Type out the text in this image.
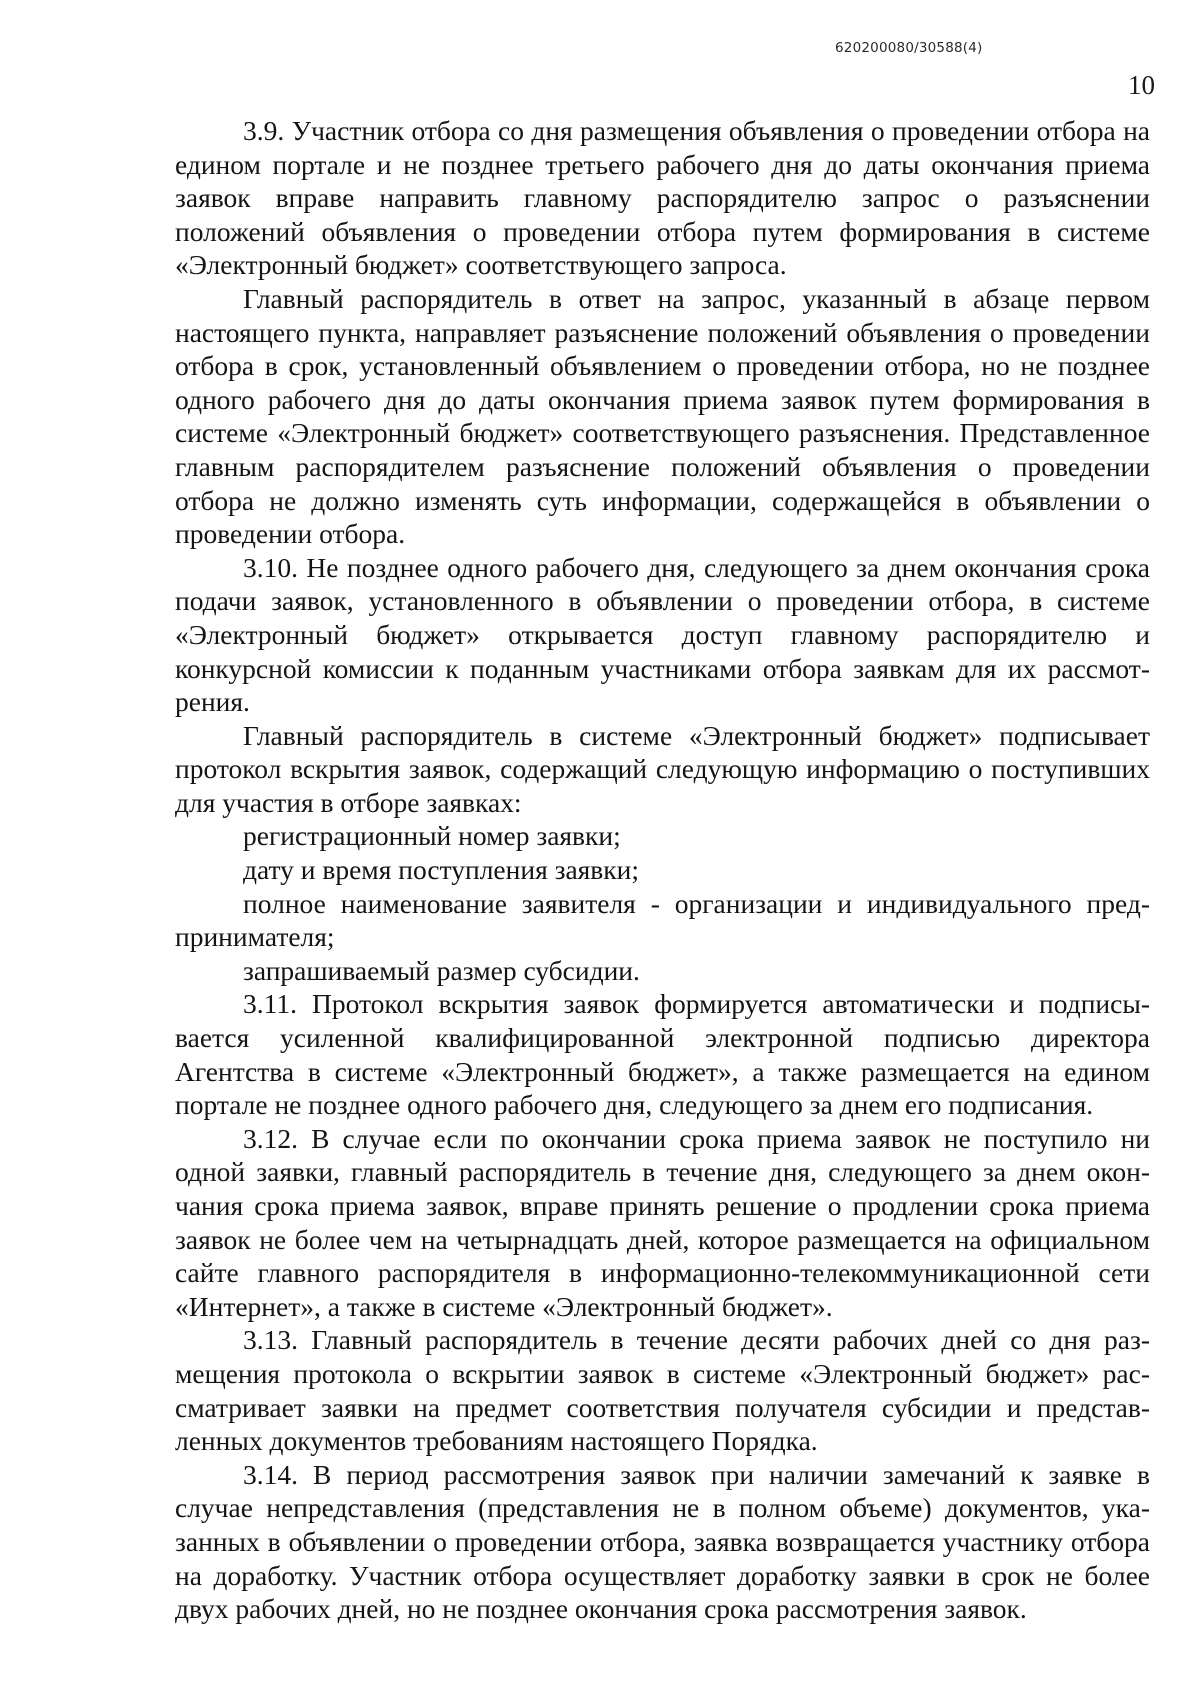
620200080/30588(4)
10

3.9. Участник отбора со дня размещения объявления о проведении отбора на едином портале и не позднее третьего рабочего дня до даты окончания приема заявок вправе направить главному распорядителю запрос о разъяснении положений объявления о проведении отбора путем формирования в системе «Электронный бюджет» соответствующего запроса.

Главный распорядитель в ответ на запрос, указанный в абзаце первом настоящего пункта, направляет разъяснение положений объявления о проведении отбора в срок, установленный объявлением о проведении отбора, но не позднее одного рабочего дня до даты окончания приема заявок путем формирования в системе «Электронный бюджет» соответствующего разъяснения. Представленное главным распорядителем разъяснение положений объявления о проведении отбора не должно изменять суть информации, содержащейся в объявлении о проведении отбора.

3.10. Не позднее одного рабочего дня, следующего за днем окончания срока подачи заявок, установленного в объявлении о проведении отбора, в системе «Электронный бюджет» открывается доступ главному распорядителю и конкурсной комиссии к поданным участниками отбора заявкам для их рассмотрения.

Главный распорядитель в системе «Электронный бюджет» подписывает протокол вскрытия заявок, содержащий следующую информацию о поступивших для участия в отборе заявках:

регистрационный номер заявки;

дату и время поступления заявки;

полное наименование заявителя - организации и индивидуального предпринимателя;

запрашиваемый размер субсидии.

3.11. Протокол вскрытия заявок формируется автоматически и подписывается усиленной квалифицированной электронной подписью директора Агентства в системе «Электронный бюджет», а также размещается на едином портале не позднее одного рабочего дня, следующего за днем его подписания.

3.12. В случае если по окончании срока приема заявок не поступило ни одной заявки, главный распорядитель в течение дня, следующего за днем окончания срока приема заявок, вправе принять решение о продлении срока приема заявок не более чем на четырнадцать дней, которое размещается на официальном сайте главного распорядителя в информационно-телекоммуникационной сети «Интернет», а также в системе «Электронный бюджет».

3.13. Главный распорядитель в течение десяти рабочих дней со дня размещения протокола о вскрытии заявок в системе «Электронный бюджет» рассматривает заявки на предмет соответствия получателя субсидии и представленных документов требованиям настоящего Порядка.

3.14. В период рассмотрения заявок при наличии замечаний к заявке в случае непредставления (представления не в полном объеме) документов, указанных в объявлении о проведении отбора, заявка возвращается участнику отбора на доработку. Участник отбора осуществляет доработку заявки в срок не более двух рабочих дней, но не позднее окончания срока рассмотрения заявок.
